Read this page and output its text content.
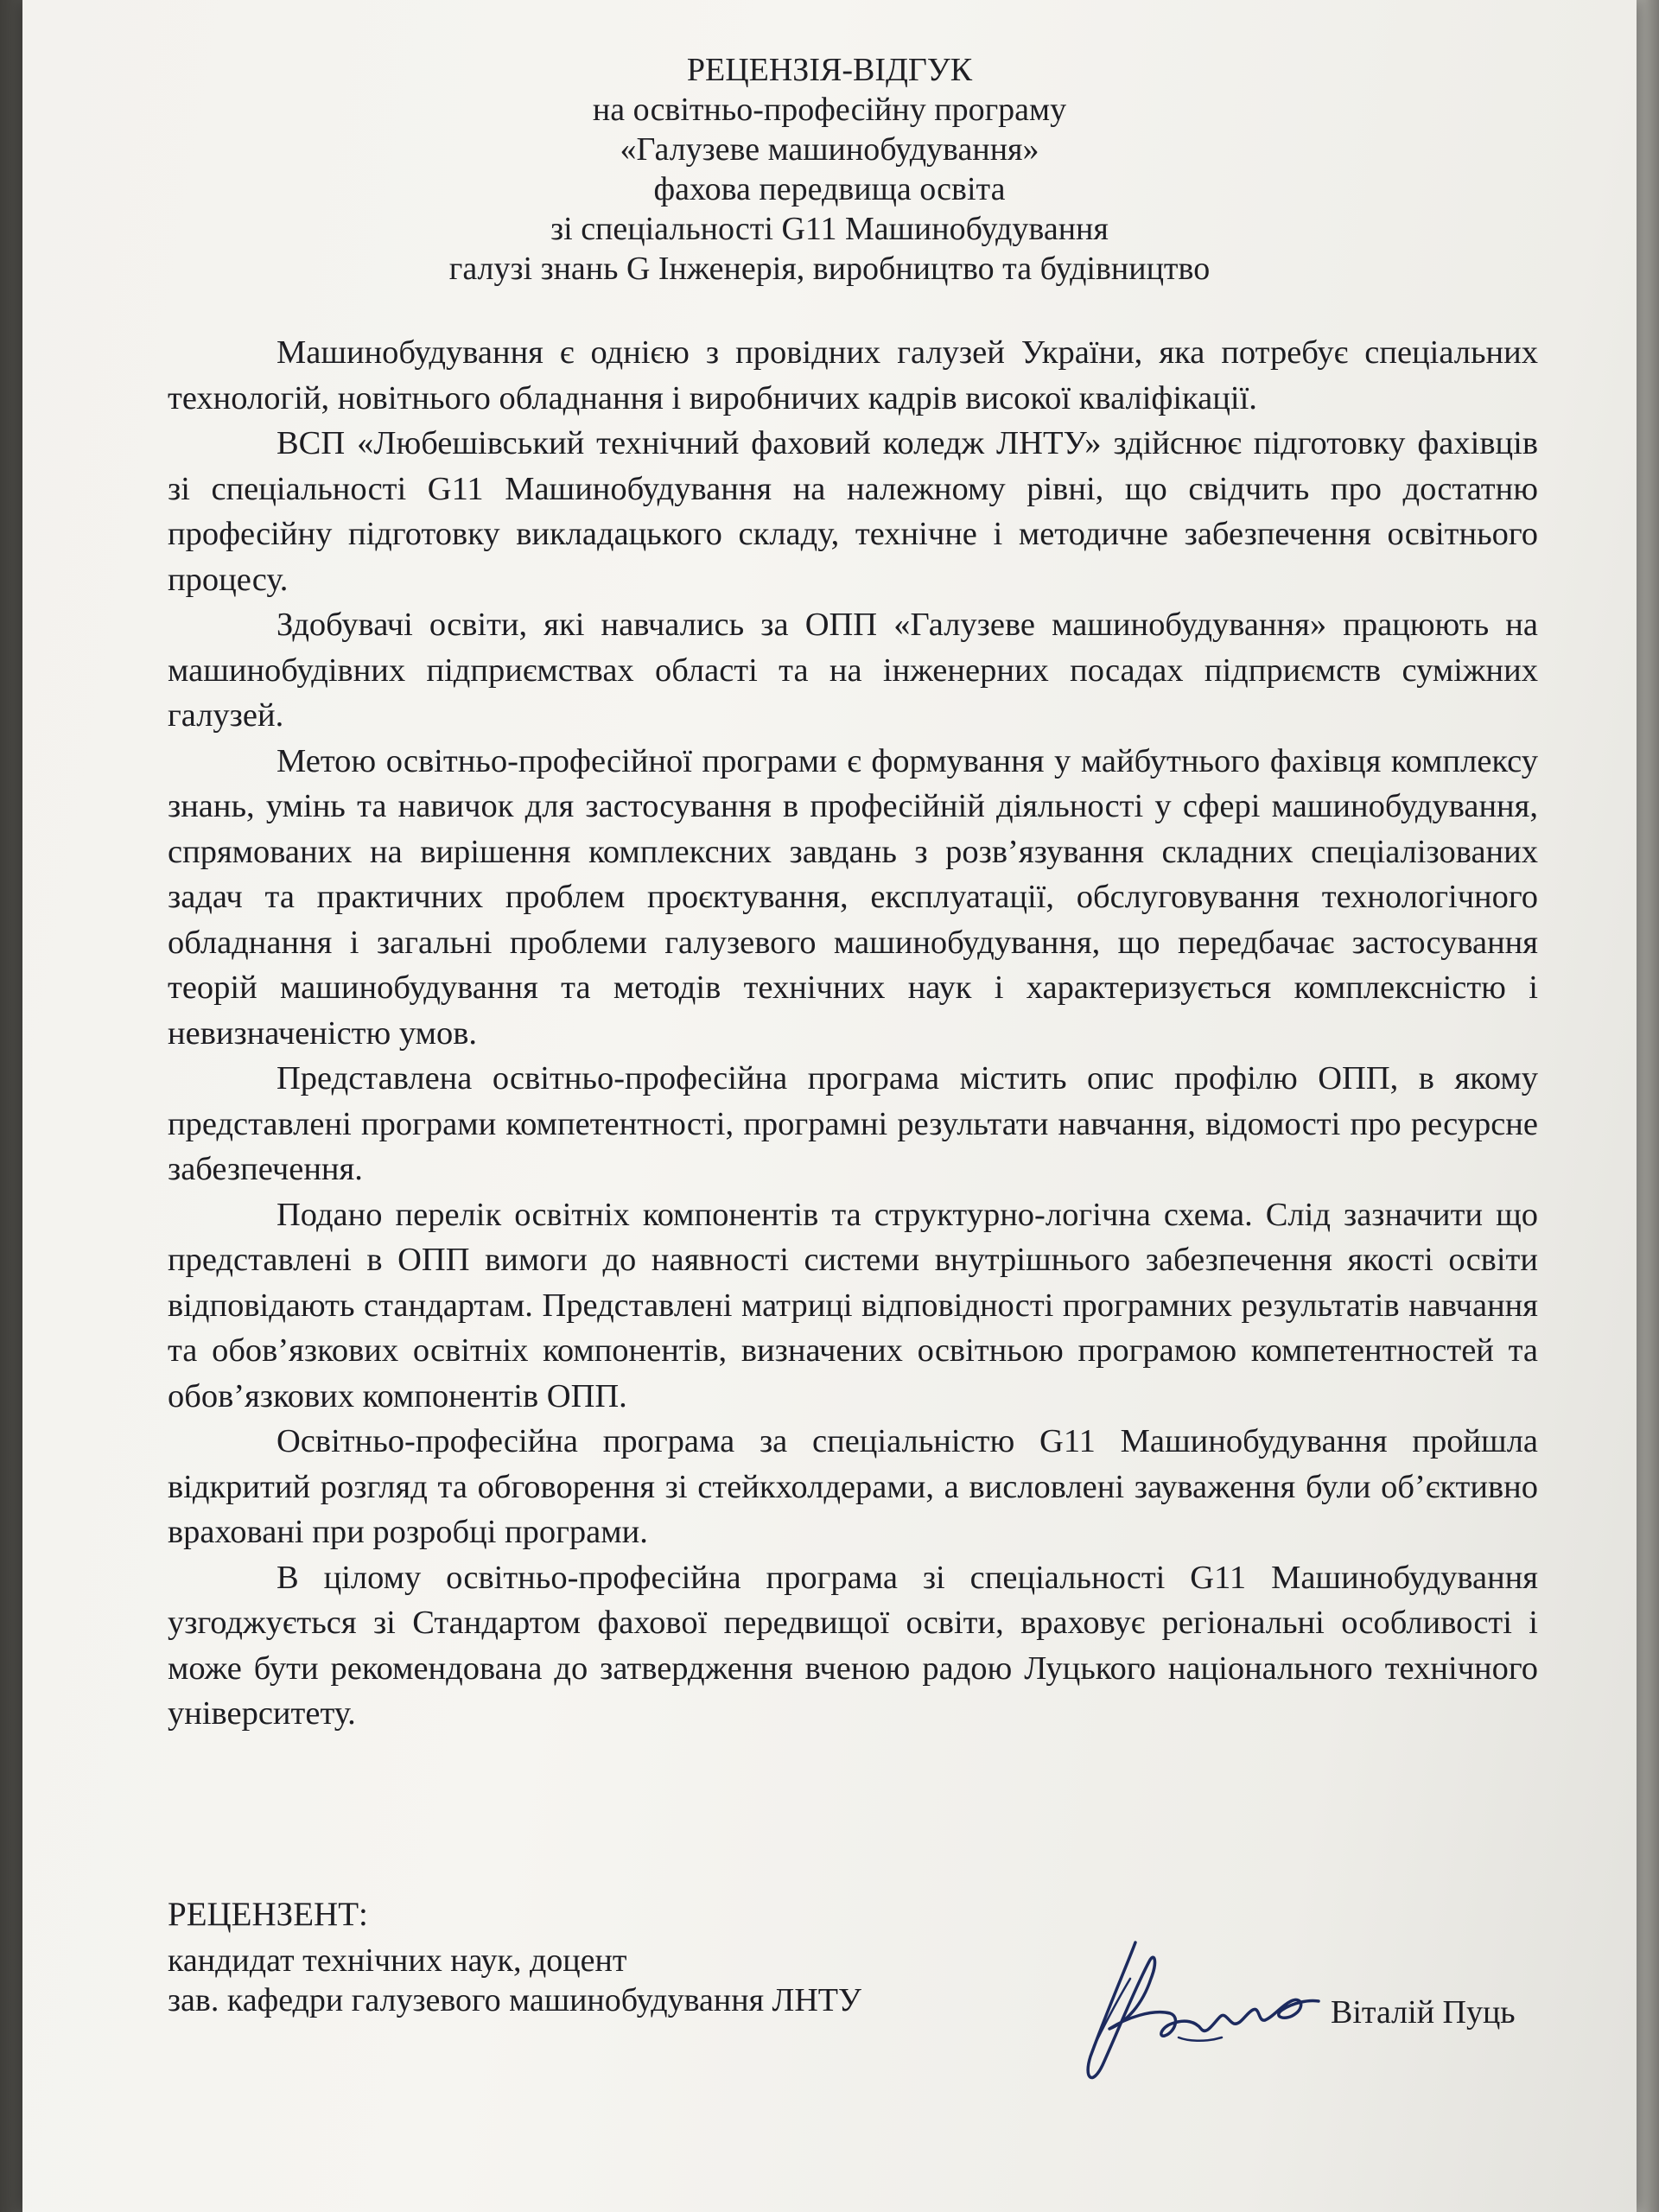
РЕЦЕНЗІЯ-ВІДГУК
на освітньо-професійну програму
«Галузеве машинобудування»
фахова передвища освіта
зі спеціальності G11 Машинобудування
галузі знань G Інженерія, виробництво та будівництво

Машинобудування є однією з провідних галузей України, яка потребує спеціальних технологій, новітнього обладнання і виробничих кадрів високої кваліфікації.

ВСП «Любешівський технічний фаховий коледж ЛНТУ» здійснює підготовку фахівців зі спеціальності G11 Машинобудування на належному рівні, що свідчить про достатню професійну підготовку викладацького складу, технічне і методичне забезпечення освітнього процесу.

Здобувачі освіти, які навчались за ОПП «Галузеве машинобудування» працюють на машинобудівних підприємствах області та на інженерних посадах підприємств суміжних галузей.

Метою освітньо-професійної програми є формування у майбутнього фахівця комплексу знань, умінь та навичок для застосування в професійній діяльності у сфері машинобудування, спрямованих на вирішення комплексних завдань з розв’язування складних спеціалізованих задач та практичних проблем проєктування, експлуатації, обслуговування технологічного обладнання і загальні проблеми галузевого машинобудування, що передбачає застосування теорій машинобудування та методів технічних наук і характеризується комплексністю і невизначеністю умов.

Представлена освітньо-професійна програма містить опис профілю ОПП, в якому представлені програми компетентності, програмні результати навчання, відомості про ресурсне забезпечення.

Подано перелік освітніх компонентів та структурно-логічна схема. Слід зазначити що представлені в ОПП вимоги до наявності системи внутрішнього забезпечення якості освіти відповідають стандартам. Представлені матриці відповідності програмних результатів навчання та обов’язкових освітніх компонентів, визначених освітньою програмою компетентностей та обов’язкових компонентів ОПП.

Освітньо-професійна програма за спеціальністю G11 Машинобудування пройшла відкритий розгляд та обговорення зі стейкхолдерами, а висловлені зауваження були об’єктивно враховані при розробці програми.

В цілому освітньо-професійна програма зі спеціальності G11 Машинобудування узгоджується зі Стандартом фахової передвищої освіти, враховує регіональні особливості і може бути рекомендована до затвердження вченою радою Луцького національного технічного університету.

РЕЦЕНЗЕНТ:
кандидат технічних наук, доцент
зав. кафедри галузевого машинобудування ЛНТУ	Віталій Пуць
